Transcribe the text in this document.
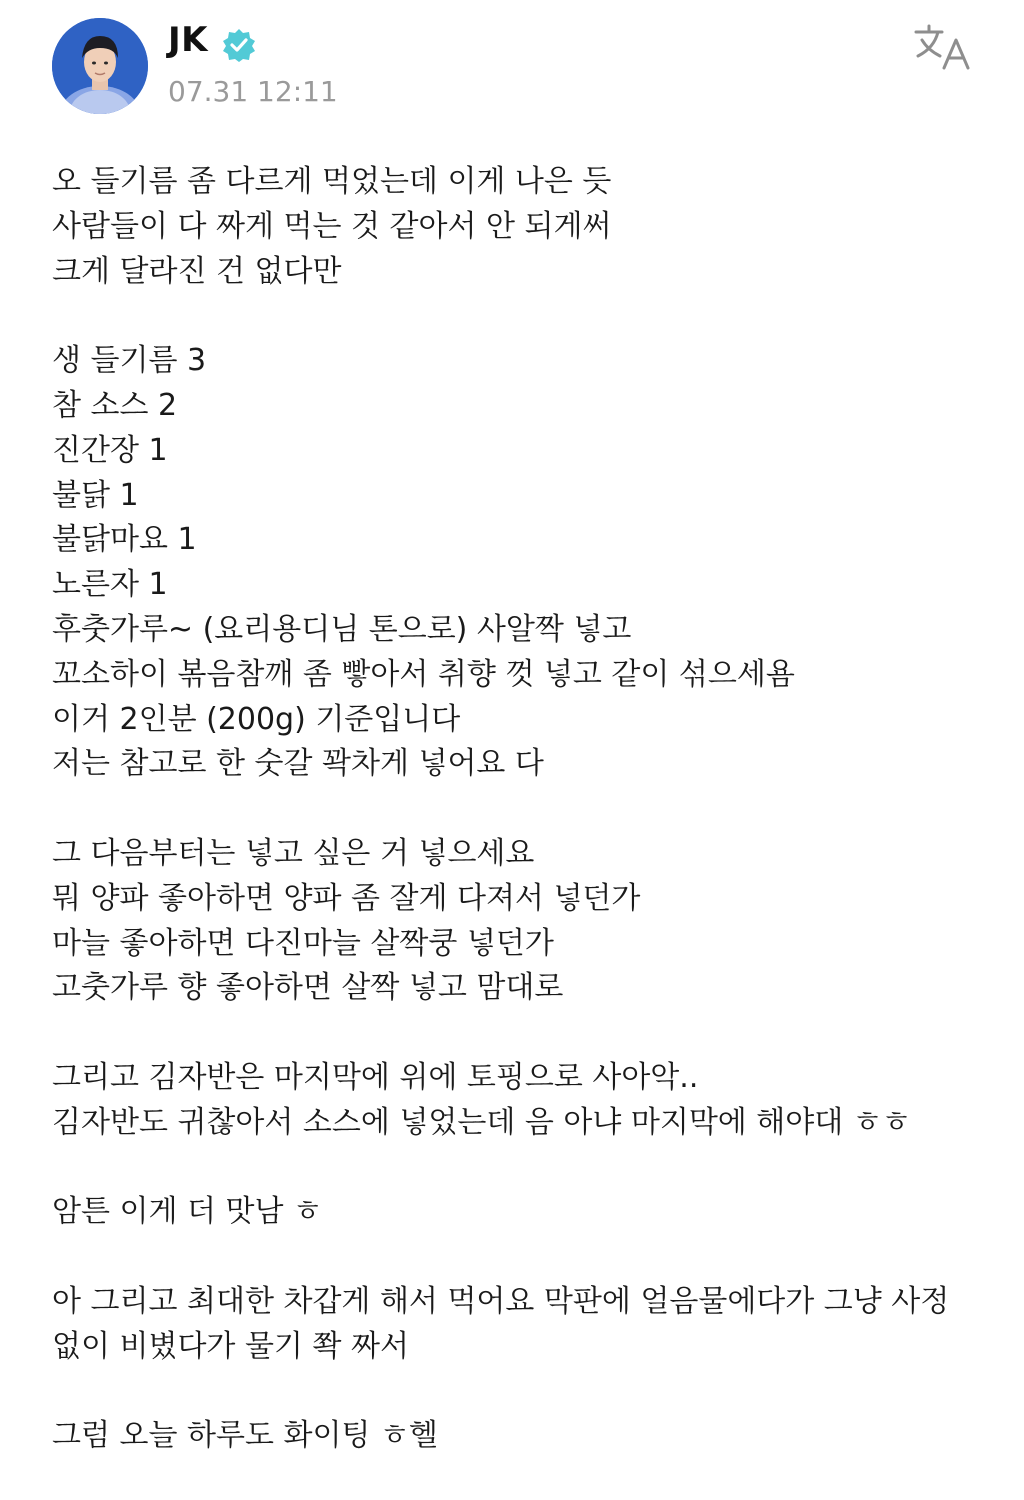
JK
07.31 12:11
오 들기름 좀 다르게 먹었는데 이게 나은 듯
사람들이 다 짜게 먹는 것 같아서 안 되게써
크게 달라진 건 없다만
생 들기름 3
참 소스 2
진간장 1
불닭 1
불닭마요 1
노른자 1
후춧가루~ (요리용디님 톤으로) 사알짝 넣고
꼬소하이 볶음참깨 좀 빻아서 취향 껏 넣고 같이 섞으세욤
이거 2인분 (200g) 기준입니다
저는 참고로 한 숫갈 꽉차게 넣어요 다
그 다음부터는 넣고 싶은 거 넣으세요
뭐 양파 좋아하면 양파 좀 잘게 다져서 넣던가
마늘 좋아하면 다진마늘 살짝쿵 넣던가
고춧가루 향 좋아하면 살짝 넣고 맘대로
그리고 김자반은 마지막에 위에 토핑으로 사아악..
김자반도 귀찮아서 소스에 넣었는데 음 아냐 마지막에 해야대 ㅎㅎ
암튼 이게 더 맛남 ㅎ
아 그리고 최대한 차갑게 해서 먹어요 막판에 얼음물에다가 그냥 사정
없이 비볐다가 물기 쫙 짜서
그럼 오늘 하루도 화이팅 ㅎ헬
